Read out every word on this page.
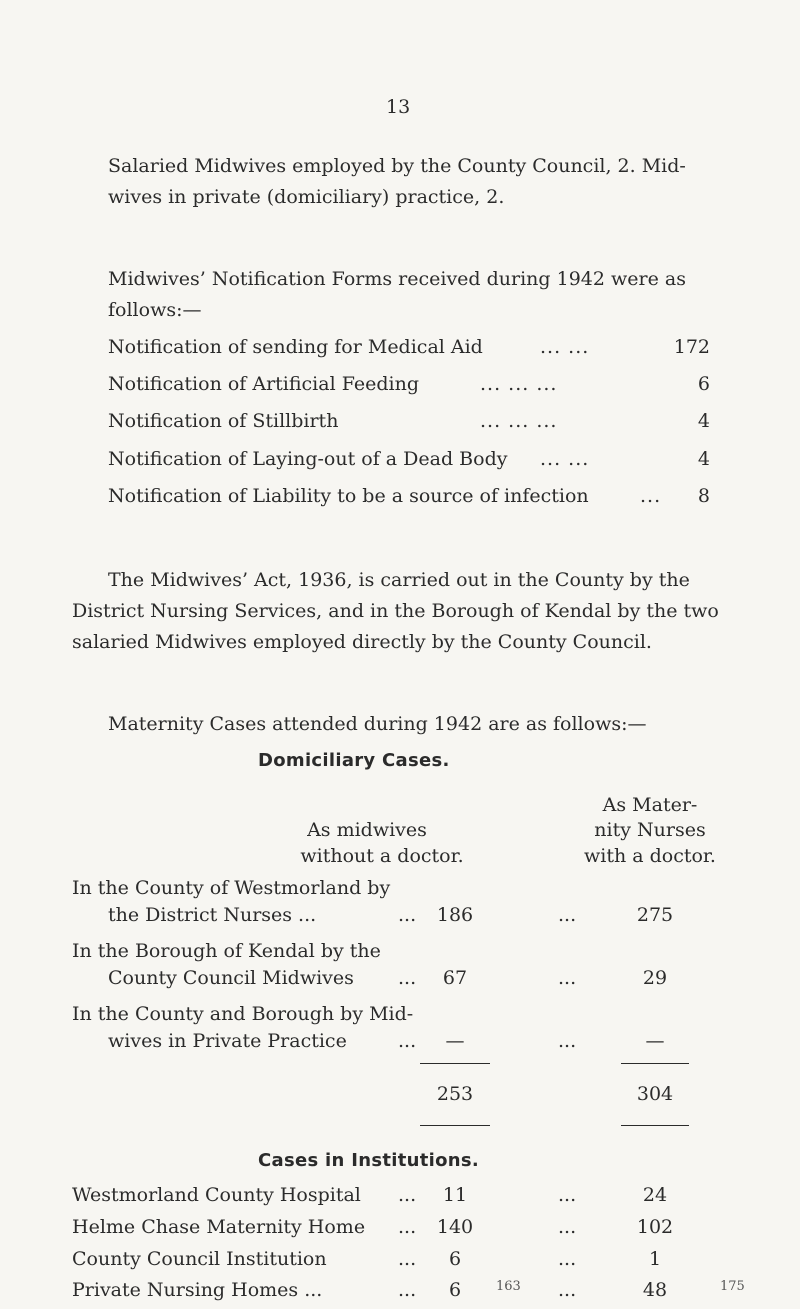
13
Salaried Midwives employed by the County Council, 2. Mid-
wives in private (domiciliary) practice, 2.
Midwives’ Notification Forms received during 1942 were as
follows:—
Notification of sending for Medical Aid	... ...	172
Notification of Artificial Feeding	... ... ...	6
Notification of Stillbirth	... ... ...	4
Notification of Laying-out of a Dead Body ... ...	4
Notification of Liability to be a source of infection	...	8
The Midwives’ Act, 1936, is carried out in the County by the
District Nursing Services, and in the Borough of Kendal by the two
salaried Midwives employed directly by the County Council.
Maternity Cases attended during 1942 are as follows:—
Domiciliary Cases.
As midwives
without a doctor.
As Mater-
nity Nurses
with a doctor.
In the County of Westmorland by
the District Nurses ...	...	186	...	275
In the Borough of Kendal by the
County Council Midwives ...	67	...	29
In the County and Borough by Mid-
wives in Private Practice	...	—	...	—
253	304
Cases in Institutions.
Westmorland County Hospital ...	11	...	24
Helme Chase Maternity Home ...	140	...	102
County Council Institution	...	6	...	1
Private Nursing Homes ...	...	6	...	48
163	175
